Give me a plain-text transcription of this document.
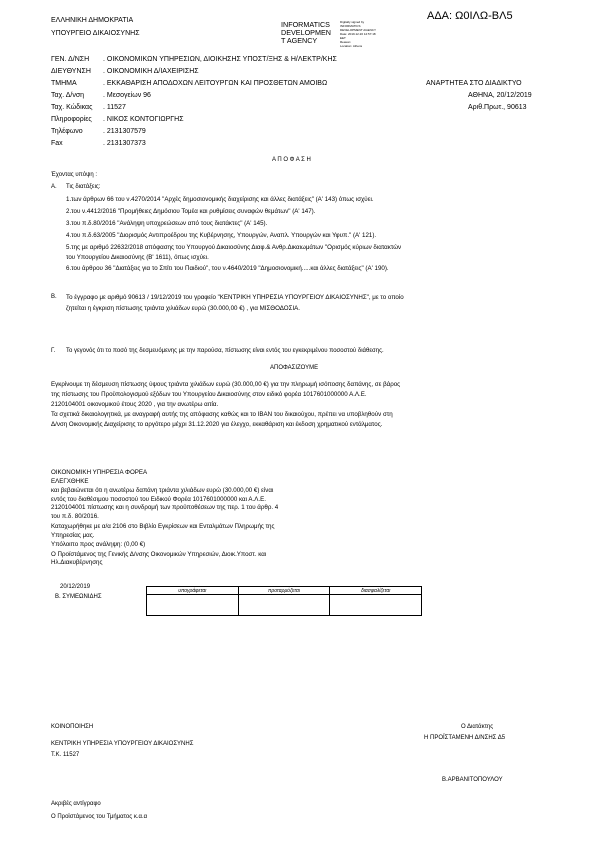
ΕΛΛΗΝΙΚΗ ΔΗΜΟΚΡΑΤΙΑ
ΥΠΟΥΡΓΕΙΟ ΔΙΚΑΙΟΣΥΝΗΣ
INFORMATICS
DEVELOPMEN
T AGENCY
Digitally signed by
INFORMATICS
DEVELOPMENT AGENCY
Date: 2019.12.20 12:57:18
EET
Reason:
Location: Athens
ΑΔΑ: Ω0ΙΛΩ-ΒΛ5
ΓΕΝ. Δ/ΝΣΗ . ΟΙΚΟΝΟΜΙΚΩΝ ΥΠΗΡΕΣΙΩΝ, ΔΙΟΙΚΗΣΗΣ ΥΠΟΣΤ/ΞΗΣ & Η/ΛΕΚΤΡ/ΚΗΣ
ΔΙΕΥΘΥΝΣΗ . ΟΙΚΟΝΟΜΙΚΗ Δ/ΙΑΧΕΙΡΙΣΗΣ
ΤΜΗΜΑ	. ΕΚΚΑΘΑΡΙΣΗ ΑΠΟΔΟΧΩΝ ΛΕΙΤΟΥΡΓΩΝ ΚΑΙ ΠΡΟΣΘΕΤΩΝ ΑΜΟΙΒΩ
Ταχ. Δ/νση	. Μεσογείων 96
Ταχ. Κώδικας . 11527
Πληροφορίες . ΝΙΚΟΣ ΚΟΝΤΟΓΙΩΡΓΗΣ
Τηλέφωνο	. 2131307579
Fax	. 2131307373
ΑΝΑΡΤΗΤΕΑ ΣΤΟ ΔΙΑΔΙΚΤΥΟ
ΑΘΗΝΑ, 20/12/2019
Αριθ.Πρωτ., 90613
Α Π Ο Φ Α Σ Η
Έχοντας υπόψη :
Α. Τις διατάξεις:
1.των άρθρων 66 του ν.4270/2014 "Αρχές δημοσιονομικής διαχείρισης και άλλες διατάξεις" (Α' 143) όπως ισχύει.
2.του ν.4412/2016 "Προμήθειες Δημόσιου Τομέα και ρυθμίσεις συναφών θεμάτων" (Α' 147).
3.του π.δ.80/2016 "Ανάληψη υποχρεώσεων από τους διατάκτες" (Α' 145).
4.του π.δ.63/2005 "Διορισμός Αντιπροέδρου της Κυβέρνησης, Υπουργών, Αναπλ. Υπουργών και Υφυπ." (Α' 121).
5.της με αριθμό 22632/2018 απόφασης του Υπουργού Δικαιοσύνης Διαφ.& Ανθρ.Δικαιωμάτων "Ορισμός κύριων διατακτών
του Υπουργείου Δικαιοσύνης (Β' 1611), όπως ισχύει.
6.του άρθρου 36 "Διατάξεις για το Σπίτι του Παιδιού", του ν.4640/2019 "Δημοσιονομική.....και άλλες διατάξεις" (Α' 190).
Β. Το έγγραφο με αριθμό 90613 / 19/12/2019 του γραφείο "ΚΕΝΤΡΙΚΗ ΥΠΗΡΕΣΙΑ ΥΠΟΥΡΓΕΙΟΥ ΔΙΚΑΙΟΣΥΝΗΣ", με το οποίο
ζητείται η έγκριση πίστωσης τριάντα χιλιάδων ευρώ (30.000,00 €) , για ΜΙΣΘΟΔΟΣΙΑ.
Γ. Το γεγονός ότι το ποσό της δεσμευόμενης με την παρούσα, πίστωσης είναι εντός του εγκεκριμένου ποσοστού διάθεσης.
ΑΠΟΦΑΣΙΖΟΥΜΕ
Εγκρίνουμε τη δέσμευση πίστωσης ύψους τριάντα χιλιάδων ευρώ (30.000,00 €) για την πληρωμή ισόποσης δαπάνης, σε βάρος
της πίστωσης του Προϋπολογισμού εξόδων του Υπουργείου Δικαιοσύνης στον ειδικό φορέα 1017601000000 Α.Λ.Ε.
2120104001 οικονομικού έτους 2020 , για την ανωτέρω αιτία.
Τα σχετικά δικαιολογητικά, με αναγραφή αυτής της απόφασης καθώς και το IBAN του δικαιούχου, πρέπει να υποβληθούν στη
Δ/νση Οικονομικής Διαχείρισης το αργότερο μέχρι 31.12.2020 για έλεγχο, εκκαθάριση και έκδοση χρηματικού εντάλματος.
ΟΙΚΟΝΟΜΙΚΗ ΥΠΗΡΕΣΙΑ ΦΟΡΕΑ
ΕΛΕΓΧΘΗΚΕ
και βεβαιώνεται ότι η ανωτέρω δαπάνη τριάντα χιλιάδων ευρώ (30.000,00 €) είναι
εντός του διαθέσιμου ποσοστού του Ειδικού Φορέα 1017601000000 και Α.Λ.Ε.
2120104001 πίστωσης και η συνδρομή των προϋποθέσεων της περ. 1 του άρθρ. 4
του π.δ. 80/2016.
Καταχωρήθηκε με α/α 2106 στο Βιβλίο Εγκρίσεων και Ενταλμάτων Πληρωμής της
Υπηρεσίας μας.
Υπόλοιπο προς ανάληψη: (0,00 €)
Ο Προϊστάμενος της Γενικής Δ/νσης Οικονομικών Υπηρεσιών, Διοικ.Υποστ. και
Ηλ.Διακυβέρνησης
20/12/2019
Β. ΣΥΜΕΩΝΙΔΗΣ
υπογράφεται	προταρμόζεται	διασφαλίζεται

ΚΟΙΝΟΠΟΙΗΣΗ
ΚΕΝΤΡΙΚΗ ΥΠΗΡΕΣΙΑ ΥΠΟΥΡΓΕΙΟΥ ΔΙΚΑΙΟΣΥΝΗΣ
Τ.Κ. 11527
Ο Διατάκτης
Η ΠΡΟΪΣΤΑΜΕΝΗ Δ/ΝΣΗΣ Δ5
Β.ΑΡΒΑΝΙΤΟΠΟΥΛΟΥ
Ακριβές αντίγραφο
Ο Προϊστάμενος του Τμήματος κ.α.α
